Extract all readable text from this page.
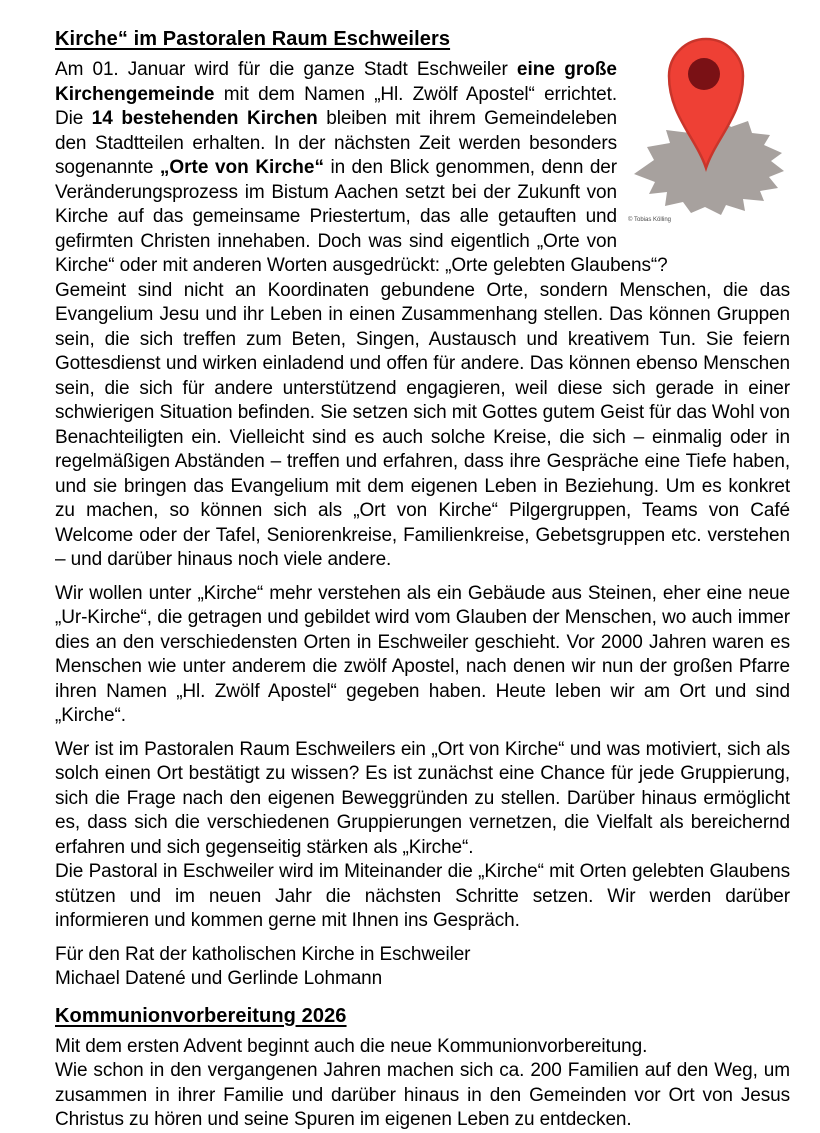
© Tobias Kölling
Kirche“ im Pastoralen Raum Eschweilers

Am 01. Januar wird für die ganze Stadt Eschweiler eine große Kirchengemeinde mit dem Namen „Hl. Zwölf Apostel“ errichtet. Die 14 bestehenden Kirchen bleiben mit ihrem Gemeindeleben den Stadtteilen erhalten. In der nächsten Zeit werden besonders sogenannte „Orte von Kirche“ in den Blick genommen, denn der Veränderungsprozess im Bistum Aachen setzt bei der Zukunft von Kirche auf das gemeinsame Priestertum, das alle getauften und gefirmten Christen innehaben. Doch was sind eigentlich „Orte von Kirche“ oder mit anderen Worten ausgedrückt: „Orte gelebten Glaubens“?

Gemeint sind nicht an Koordinaten gebundene Orte, sondern Menschen, die das Evangelium Jesu und ihr Leben in einen Zusammenhang stellen. Das können Gruppen sein, die sich treffen zum Beten, Singen, Austausch und kreativem Tun. Sie feiern Gottesdienst und wirken einladend und offen für andere. Das können ebenso Menschen sein, die sich für andere unterstützend engagieren, weil diese sich gerade in einer schwierigen Situation befinden. Sie setzen sich mit Gottes gutem Geist für das Wohl von Benachteiligten ein. Vielleicht sind es auch solche Kreise, die sich – einmalig oder in regelmäßigen Abständen – treffen und erfahren, dass ihre Gespräche eine Tiefe haben, und sie bringen das Evangelium mit dem eigenen Leben in Beziehung. Um es konkret zu machen, so können sich als „Ort von Kirche“ Pilgergruppen, Teams von Café Welcome oder der Tafel, Seniorenkreise, Familienkreise, Gebetsgruppen etc. verstehen – und darüber hinaus noch viele andere.

Wir wollen unter „Kirche“ mehr verstehen als ein Gebäude aus Steinen, eher eine neue „Ur-Kirche“, die getragen und gebildet wird vom Glauben der Menschen, wo auch immer dies an den verschiedensten Orten in Eschweiler geschieht. Vor 2000 Jahren waren es Menschen wie unter anderem die zwölf Apostel, nach denen wir nun der großen Pfarre ihren Namen „Hl. Zwölf Apostel“ gegeben haben. Heute leben wir am Ort und sind „Kirche“.

Wer ist im Pastoralen Raum Eschweilers ein „Ort von Kirche“ und was motiviert, sich als solch einen Ort bestätigt zu wissen? Es ist zunächst eine Chance für jede Gruppierung, sich die Frage nach den eigenen Beweggründen zu stellen. Darüber hinaus ermöglicht es, dass sich die verschiedenen Gruppierungen vernetzen, die Vielfalt als bereichernd erfahren und sich gegenseitig stärken als „Kirche“.

Die Pastoral in Eschweiler wird im Miteinander die „Kirche“ mit Orten gelebten Glaubens stützen und im neuen Jahr die nächsten Schritte setzen. Wir werden darüber informieren und kommen gerne mit Ihnen ins Gespräch.

Für den Rat der katholischen Kirche in Eschweiler

Michael Datené und Gerlinde Lohmann

Kommunionvorbereitung 2026

Mit dem ersten Advent beginnt auch die neue Kommunionvorbereitung.

Wie schon in den vergangenen Jahren machen sich ca. 200 Familien auf den Weg, um zusammen in ihrer Familie und darüber hinaus in den Gemeinden vor Ort von Jesus Christus zu hören und seine Spuren im eigenen Leben zu entdecken.
